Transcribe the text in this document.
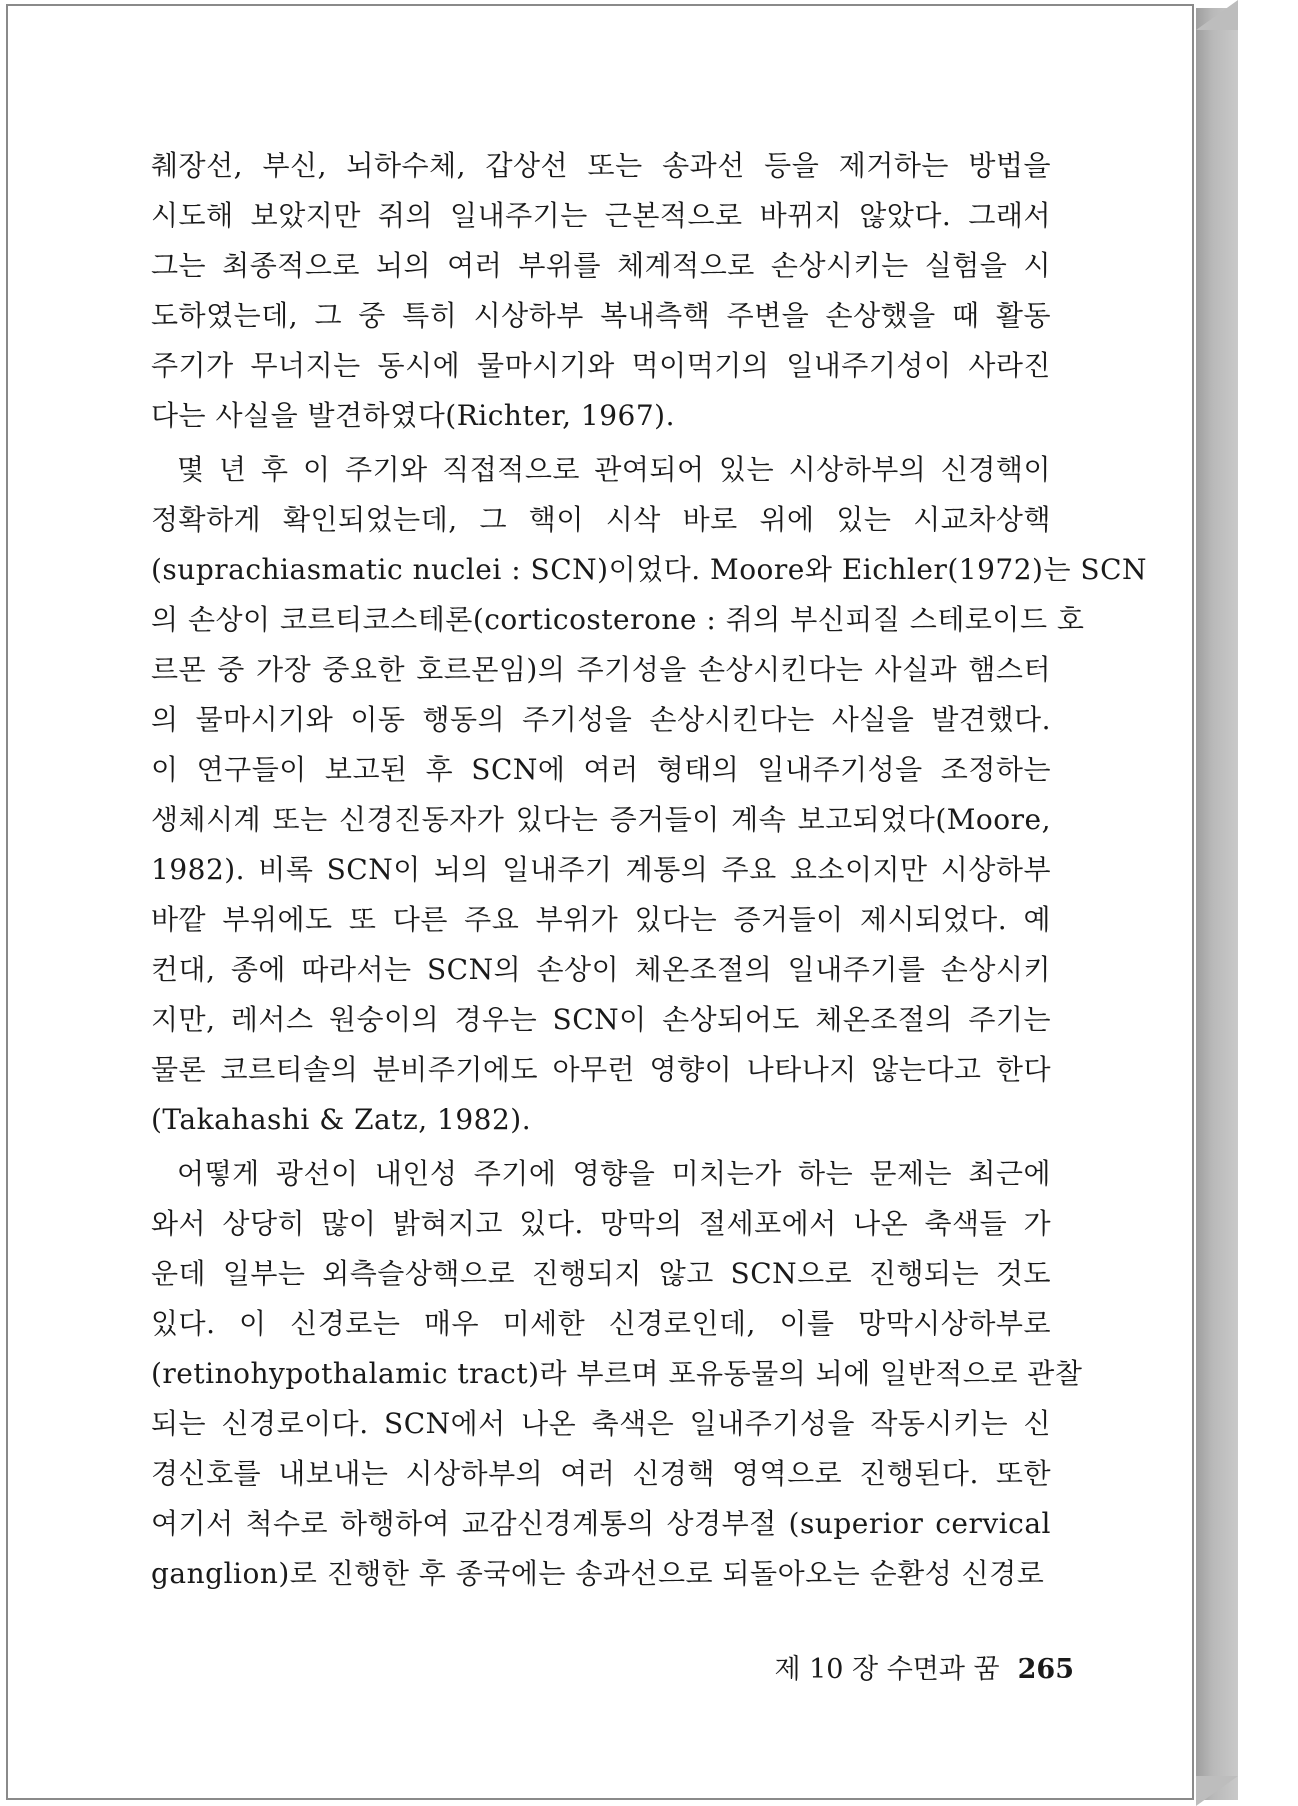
췌장선, 부신, 뇌하수체, 갑상선 또는 송과선 등을 제거하는 방법을
시도해 보았지만 쥐의 일내주기는 근본적으로 바뀌지 않았다. 그래서
그는 최종적으로 뇌의 여러 부위를 체계적으로 손상시키는 실험을 시
도하였는데, 그 중 특히 시상하부 복내측핵 주변을 손상했을 때 활동
주기가 무너지는 동시에 물마시기와 먹이먹기의 일내주기성이 사라진
다는 사실을 발견하였다(Richter, 1967).
몇 년 후 이 주기와 직접적으로 관여되어 있는 시상하부의 신경핵이
정확하게 확인되었는데, 그 핵이 시삭 바로 위에 있는 시교차상핵
(suprachiasmatic nuclei : SCN)이었다. Moore와 Eichler(1972)는 SCN
의 손상이 코르티코스테론(corticosterone : 쥐의 부신피질 스테로이드 호
르몬 중 가장 중요한 호르몬임)의 주기성을 손상시킨다는 사실과 햄스터
의 물마시기와 이동 행동의 주기성을 손상시킨다는 사실을 발견했다.
이 연구들이 보고된 후 SCN에 여러 형태의 일내주기성을 조정하는
생체시계 또는 신경진동자가 있다는 증거들이 계속 보고되었다(Moore,
1982). 비록 SCN이 뇌의 일내주기 계통의 주요 요소이지만 시상하부
바깥 부위에도 또 다른 주요 부위가 있다는 증거들이 제시되었다. 예
컨대, 종에 따라서는 SCN의 손상이 체온조절의 일내주기를 손상시키
지만, 레서스 원숭이의 경우는 SCN이 손상되어도 체온조절의 주기는
물론 코르티솔의 분비주기에도 아무런 영향이 나타나지 않는다고 한다
(Takahashi & Zatz, 1982).
어떻게 광선이 내인성 주기에 영향을 미치는가 하는 문제는 최근에
와서 상당히 많이 밝혀지고 있다. 망막의 절세포에서 나온 축색들 가
운데 일부는 외측슬상핵으로 진행되지 않고 SCN으로 진행되는 것도
있다. 이 신경로는 매우 미세한 신경로인데, 이를 망막시상하부로
(retinohypothalamic tract)라 부르며 포유동물의 뇌에 일반적으로 관찰
되는 신경로이다. SCN에서 나온 축색은 일내주기성을 작동시키는 신
경신호를 내보내는 시상하부의 여러 신경핵 영역으로 진행된다. 또한
여기서 척수로 하행하여 교감신경계통의 상경부절 (superior cervical
ganglion)로 진행한 후 종국에는 송과선으로 되돌아오는 순환성 신경로
제 10 장 수면과 꿈 265
